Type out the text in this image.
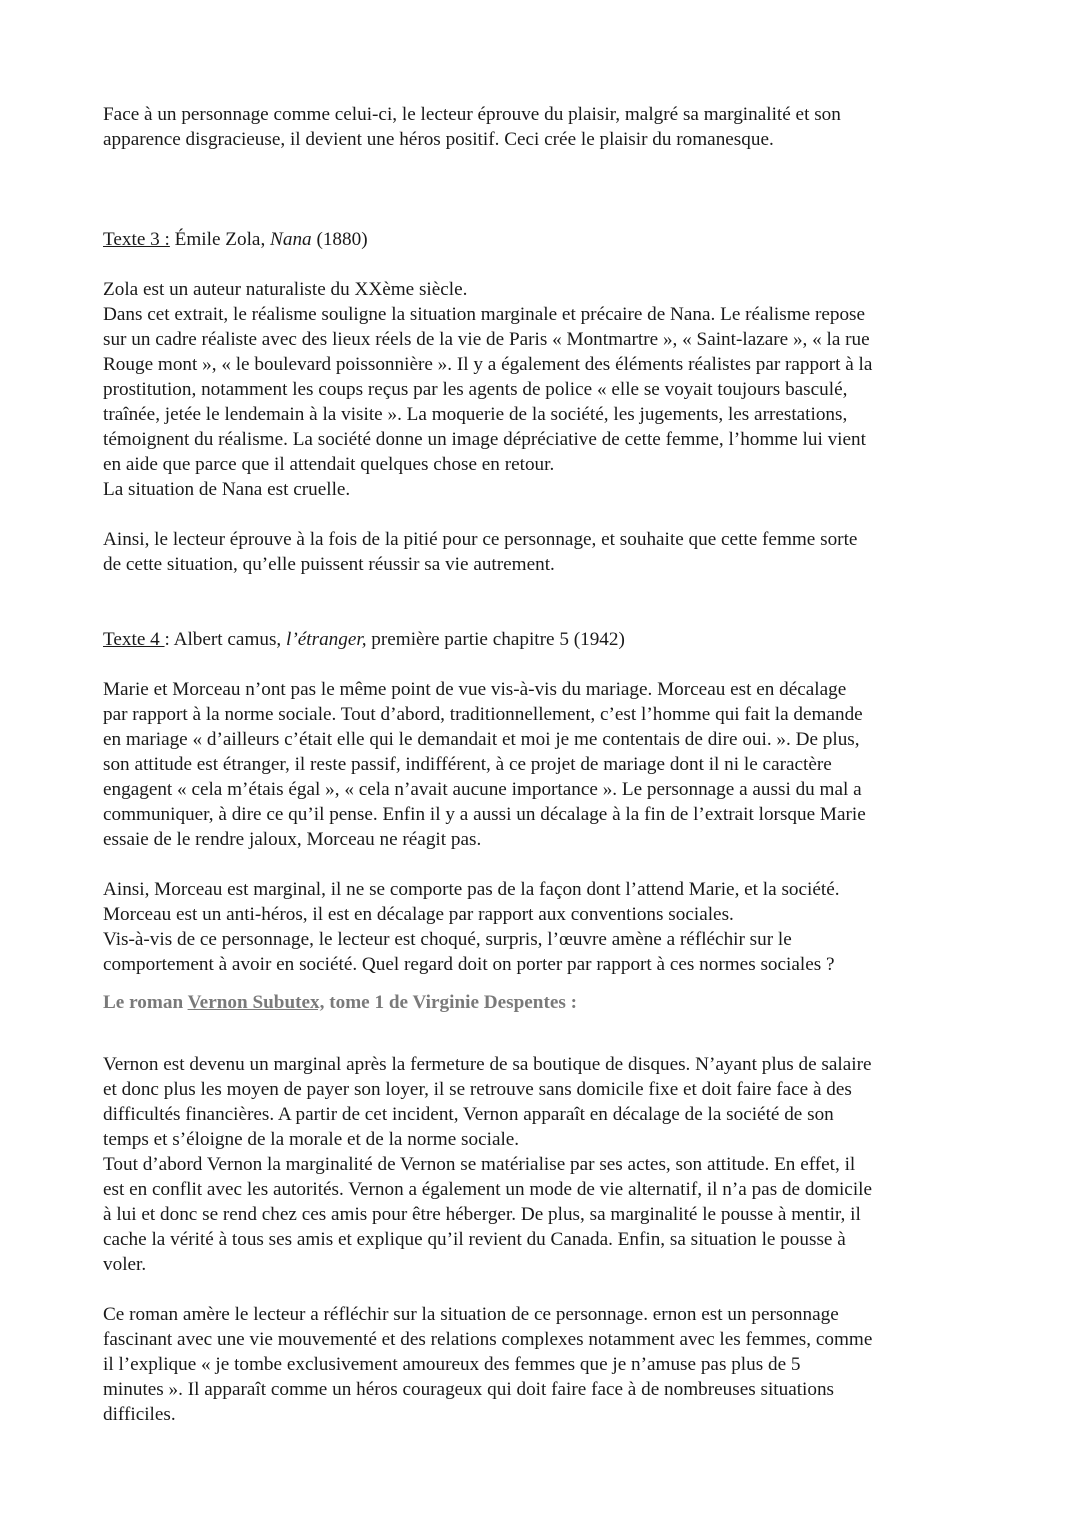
Face à un personnage comme celui-ci, le lecteur éprouve du plaisir, malgré sa marginalité et son
apparence disgracieuse, il devient une héros positif. Ceci crée le plaisir du romanesque.

Texte 3 : Émile Zola, Nana (1880)

Zola est un auteur naturaliste du XXème siècle.
Dans cet extrait, le réalisme souligne la situation marginale et précaire de Nana. Le réalisme repose
sur un cadre réaliste avec des lieux réels de la vie de Paris « Montmartre », « Saint-lazare », « la rue
Rouge mont », « le boulevard poissonnière ». Il y a également des éléments réalistes par rapport à la
prostitution, notamment les coups reçus par les agents de police « elle se voyait toujours basculé,
traînée, jetée le lendemain à la visite ». La moquerie de la société, les jugements, les arrestations,
témoignent du réalisme. La société donne un image dépréciative de cette femme, l’homme lui vient
en aide que parce que il attendait quelques chose en retour.
La situation de Nana est cruelle.

Ainsi, le lecteur éprouve à la fois de la pitié pour ce personnage, et souhaite que cette femme sorte
de cette situation, qu’elle puissent réussir sa vie autrement.

Texte 4 : Albert camus, l’étranger, première partie chapitre 5 (1942)

Marie et Morceau n’ont pas le même point de vue vis-à-vis du mariage. Morceau est en décalage
par rapport à la norme sociale. Tout d’abord, traditionnellement, c’est l’homme qui fait la demande
en mariage « d’ailleurs c’était elle qui le demandait et moi je me contentais de dire oui. ». De plus,
son attitude est étranger, il reste passif, indifférent, à ce projet de mariage dont il ni le caractère
engagent « cela m’étais égal », « cela n’avait aucune importance ». Le personnage a aussi du mal a
communiquer, à dire ce qu’il pense. Enfin il y a aussi un décalage à la fin de l’extrait lorsque Marie
essaie de le rendre jaloux, Morceau ne réagit pas.

Ainsi, Morceau est marginal, il ne se comporte pas de la façon dont l’attend Marie, et la société.
Morceau est un anti-héros, il est en décalage par rapport aux conventions sociales.
Vis-à-vis de ce personnage, le lecteur est choqué, surpris, l’œuvre amène a réfléchir sur le
comportement à avoir en société. Quel regard doit on porter par rapport à ces normes sociales ?

Le roman Vernon Subutex, tome 1 de Virginie Despentes :

Vernon est devenu un marginal après la fermeture de sa boutique de disques. N’ayant plus de salaire
et donc plus les moyen de payer son loyer, il se retrouve sans domicile fixe et doit faire face à des
difficultés financières. A partir de cet incident, Vernon apparaît en décalage de la société de son
temps et s’éloigne de la morale et de la norme sociale.
Tout d’abord Vernon la marginalité de Vernon se matérialise par ses actes, son attitude. En effet, il
est en conflit avec les autorités. Vernon a également un mode de vie alternatif, il n’a pas de domicile
à lui et donc se rend chez ces amis pour être héberger. De plus, sa marginalité le pousse à mentir, il
cache la vérité à tous ses amis et explique qu’il revient du Canada. Enfin, sa situation le pousse à
voler.

Ce roman amère le lecteur a réfléchir sur la situation de ce personnage. ernon est un personnage
fascinant avec une vie mouvementé et des relations complexes notamment avec les femmes, comme
il l’explique « je tombe exclusivement amoureux des femmes que je n’amuse pas plus de 5
minutes ». Il apparaît comme un héros courageux qui doit faire face à de nombreuses situations
difficiles.
